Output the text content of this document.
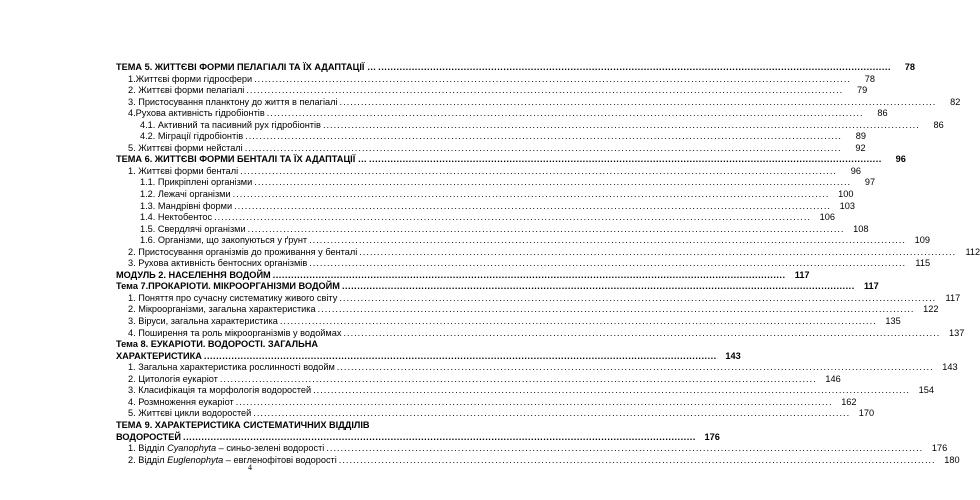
ТЕМА 5. ЖИТТЄВІ ФОРМИ ПЕЛАГІАЛІ ТА ЇХ АДАПТАЦІЇ … .....	78
1.Життєві форми гідросфери .....	78
2. Життєві форми пелагіалі .....	79
3. Пристосування планктону до життя в пелагіалі .....	82
4.Рухова активність гідробіонтів .....	86
4.1. Активний та пасивний рух гідробіонтів .....	86
4.2. Міграції гідробіонтів .....	89
5. Життєві форми нейсталі .....	92
ТЕМА 6. ЖИТТЄВІ ФОРМИ БЕНТАЛІ ТА ЇХ АДАПТАЦІЇ … .....	96
1. Життєві форми бенталі .....	96
1.1. Прикріплені організми .....	97
1.2. Лежачі організми .....	100
1.3. Мандрівні форми .....	103
1.4. Нектобентос .....	106
1.5. Свердлячі організми .....	108
1.6. Організми, що закопуються у ґрунт .....	109
2. Пристосування організмів до проживання у бенталі .....	112
3. Рухова активність бентосних організмів .....	115
МОДУЛЬ 2. НАСЕЛЕННЯ ВОДОЙМ .....	117
Тема 7.ПРОКАРІОТИ. МІКРООРГАНІЗМИ ВОДОЙМ .....	117
1. Поняття про сучасну систематику живого світу .....	117
2. Мікроорганізми, загальна характеристика .....	122
3. Віруси, загальна характеристика .....	135
4. Поширення та роль мікроорганізмів у водоймах .....	137
Тема 8. ЕУКАРІОТИ. ВОДОРОСТІ. ЗАГАЛЬНА
ХАРАКТЕРИСТИКА .....	143
1. Загальна характеристика рослинності водойм .....	143
2. Цитологія еукаріот .....	146
3. Класифікація та морфологія водоростей .....	154
4. Розмноження еукаріот .....	162
5. Життєві цикли водоростей .....	170
ТЕМА 9. ХАРАКТЕРИСТИКА СИСТЕМАТИЧНИХ ВІДДІЛІВ
ВОДОРОСТЕЙ .....	176
1. Відділ Cyanophyta – синьо-зелені водорості .....	176
2. Відділ Euglenophyta – евгленофітові водорості .....	180
4
